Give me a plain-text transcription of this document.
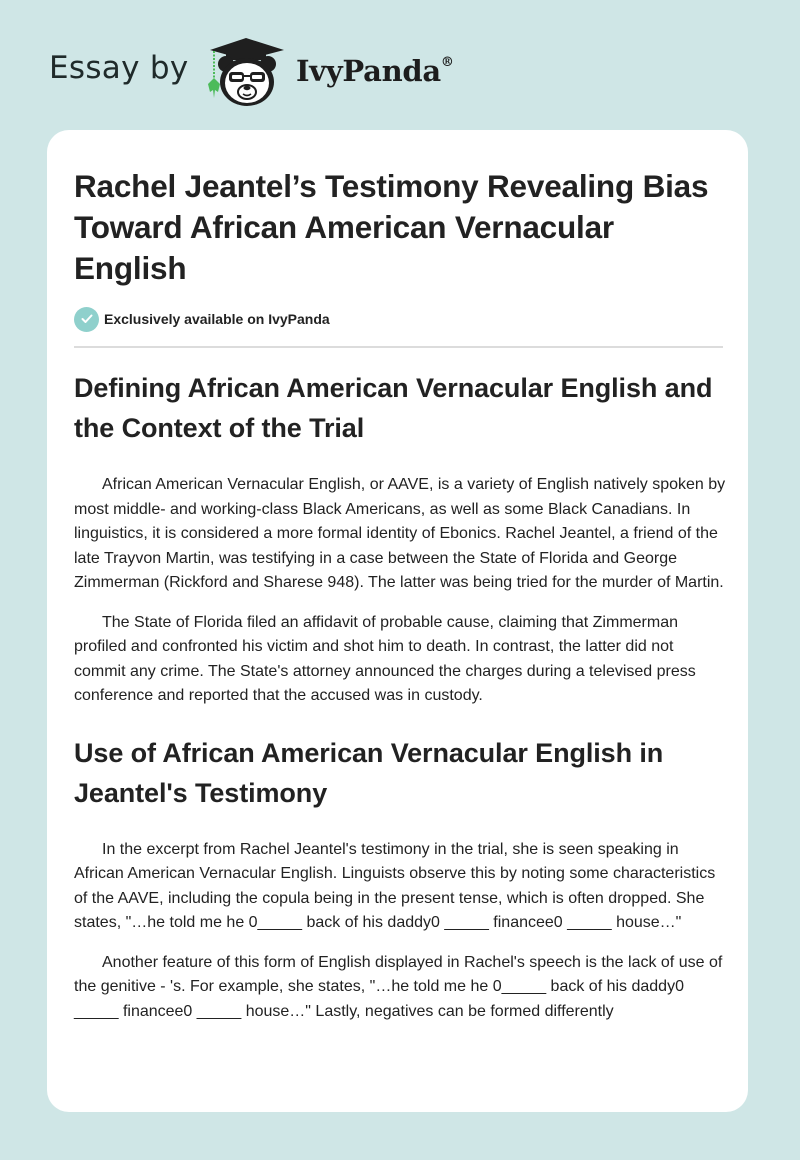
Essay by	IvyPanda®
Rachel Jeantel’s Testimony Revealing Bias Toward African American Vernacular English
Exclusively available on IvyPanda
Defining African American Vernacular English and the Context of the Trial

African American Vernacular English, or AAVE, is a variety of English natively spoken by most middle- and working-class Black Americans, as well as some Black Canadians. In linguistics, it is considered a more formal identity of Ebonics. Rachel Jeantel, a friend of the late Trayvon Martin, was testifying in a case between the State of Florida and George Zimmerman (Rickford and Sharese 948). The latter was being tried for the murder of Martin.

The State of Florida filed an affidavit of probable cause, claiming that Zimmerman profiled and confronted his victim and shot him to death. In contrast, the latter did not commit any crime. The State's attorney announced the charges during a televised press conference and reported that the accused was in custody.

Use of African American Vernacular English in Jeantel's Testimony

In the excerpt from Rachel Jeantel's testimony in the trial, she is seen speaking in African American Vernacular English. Linguists observe this by noting some characteristics of the AAVE, including the copula being in the present tense, which is often dropped. She states, "…he told me he 0_____ back of his daddy0 _____ financee0 _____ house…"

Another feature of this form of English displayed in Rachel's speech is the lack of use of the genitive - 's. For example, she states, "…he told me he 0_____ back of his daddy0 _____ financee0 _____ house…" Lastly, negatives can be formed differently
